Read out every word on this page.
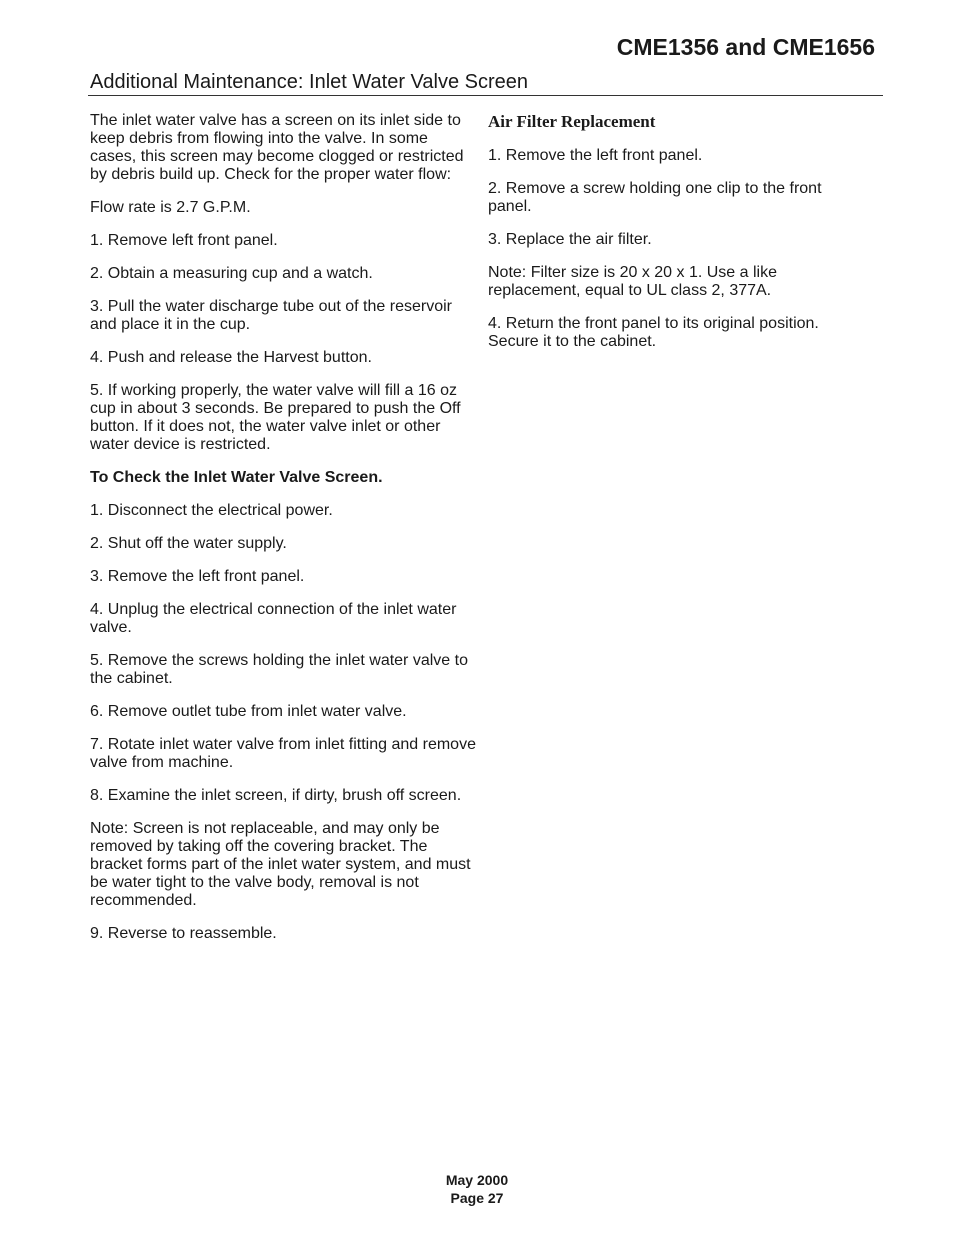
CME1356 and CME1656
Additional Maintenance: Inlet Water Valve Screen

The inlet water valve has a screen on its inlet side to keep debris from flowing into the valve. In some cases, this screen may become clogged or restricted by debris build up. Check for the proper water flow:

Flow rate is 2.7 G.P.M.

1. Remove left front panel.

2. Obtain a measuring cup and a watch.

3. Pull the water discharge tube out of the reservoir and place it in the cup.

4. Push and release the Harvest button.

5. If working properly, the water valve will fill a 16 oz cup in about 3 seconds. Be prepared to push the Off button. If it does not, the water valve inlet or other water device is restricted.

To Check the Inlet Water Valve Screen.

1. Disconnect the electrical power.

2. Shut off the water supply.

3. Remove the left front panel.

4. Unplug the electrical connection of the inlet water valve.

5. Remove the screws holding the inlet water valve to the cabinet.

6. Remove outlet tube from inlet water valve.

7. Rotate inlet water valve from inlet fitting and remove valve from machine.

8. Examine the inlet screen, if dirty, brush off screen.

Note: Screen is not replaceable, and may only be removed by taking off the covering bracket. The bracket forms part of the inlet water system, and must be water tight to the valve body, removal is not recommended.

9. Reverse to reassemble.

Air Filter Replacement

1. Remove the left front panel.

2. Remove a screw holding one clip to the front panel.

3. Replace the air filter.

Note: Filter size is 20 x 20 x 1. Use a like replacement, equal to UL class 2, 377A.

4. Return the front panel to its original position. Secure it to the cabinet.

May 2000
Page 27
